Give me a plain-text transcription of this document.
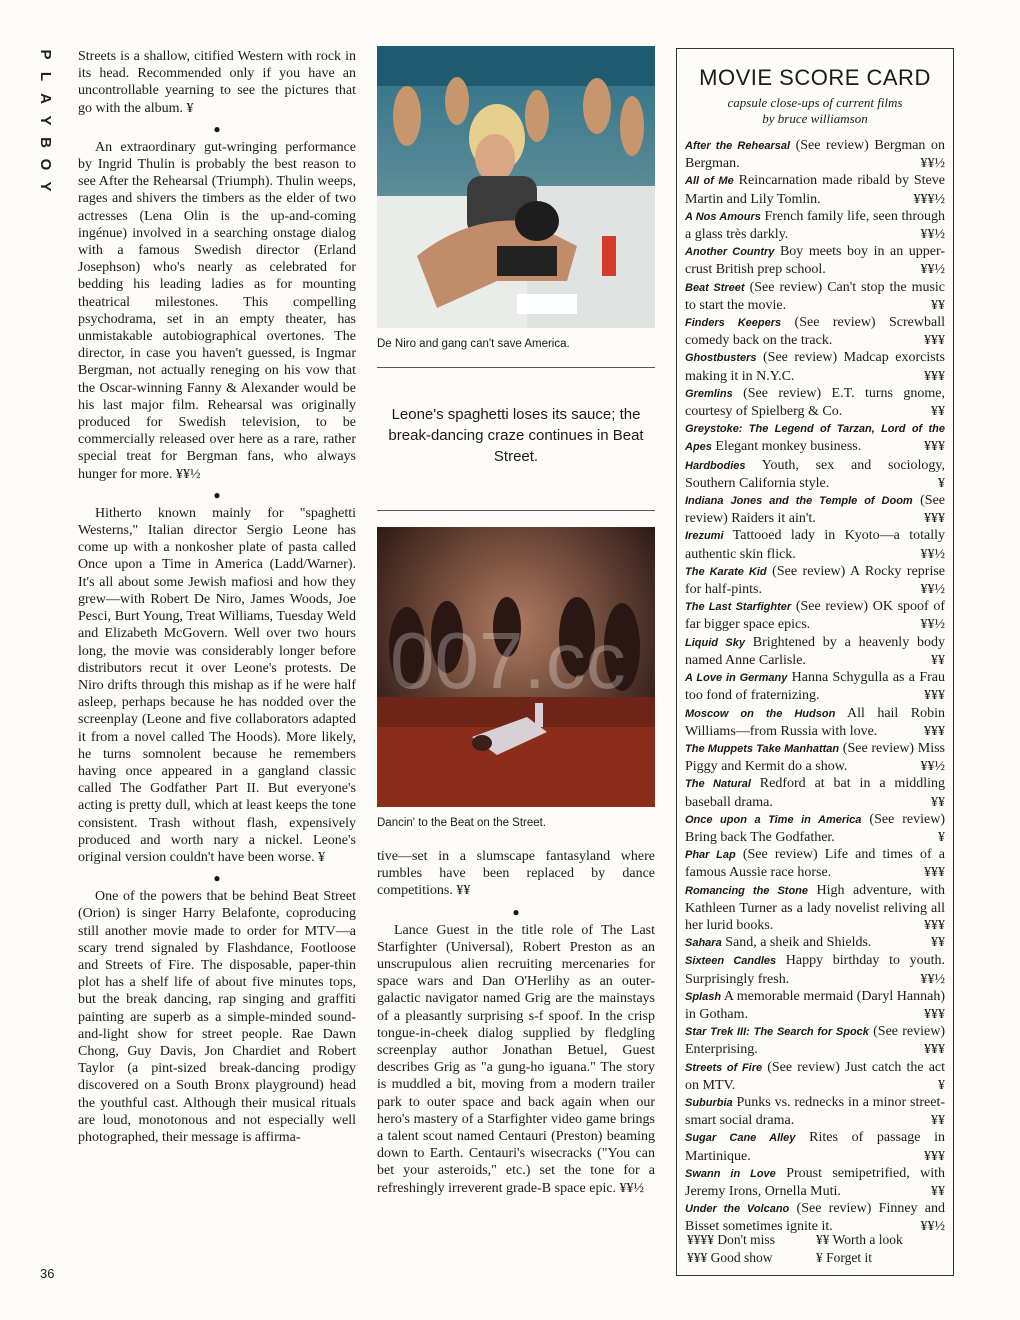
P
L
A
Y
B
O
Y
36

Streets is a shallow, citified Western with rock in its head. Recommended only if you have an uncontrollable yearning to see the pictures that go with the album. ¥

●

An extraordinary gut-wringing performance by Ingrid Thulin is probably the best reason to see After the Rehearsal (Triumph). Thulin weeps, rages and shivers the timbers as the elder of two actresses (Lena Olin is the up-and-coming ingénue) involved in a searching onstage dialog with a famous Swedish director (Erland Josephson) who's nearly as celebrated for bedding his leading ladies as for mounting theatrical milestones. This compelling psychodrama, set in an empty theater, has unmistakable autobiographical overtones. The director, in case you haven't guessed, is Ingmar Bergman, not actually reneging on his vow that the Oscar-winning Fanny & Alexander would be his last major film. Rehearsal was originally produced for Swedish television, to be commercially released over here as a rare, rather special treat for Bergman fans, who always hunger for more. ¥¥½

●

Hitherto known mainly for "spaghetti Westerns," Italian director Sergio Leone has come up with a nonkosher plate of pasta called Once upon a Time in America (Ladd/Warner). It's all about some Jewish mafiosi and how they grew—with Robert De Niro, James Woods, Joe Pesci, Burt Young, Treat Williams, Tuesday Weld and Elizabeth McGovern. Well over two hours long, the movie was considerably longer before distributors recut it over Leone's protests. De Niro drifts through this mishap as if he were half asleep, perhaps because he has nodded over the screenplay (Leone and five collaborators adapted it from a novel called The Hoods). More likely, he turns somnolent because he remembers having once appeared in a gangland classic called The Godfather Part II. But everyone's acting is pretty dull, which at least keeps the tone consistent. Trash without flash, expensively produced and worth nary a nickel. Leone's original version couldn't have been worse. ¥

●

One of the powers that be behind Beat Street (Orion) is singer Harry Belafonte, coproducing still another movie made to order for MTV—a scary trend signaled by Flashdance, Footloose and Streets of Fire. The disposable, paper-thin plot has a shelf life of about five minutes tops, but the break dancing, rap singing and graffiti painting are superb as a simple-minded sound-and-light show for street people. Rae Dawn Chong, Guy Davis, Jon Chardiet and Robert Taylor (a pint-sized break-dancing prodigy discovered on a South Bronx playground) head the youthful cast. Although their musical rituals are loud, monotonous and not especially well photographed, their message is affirma-

De Niro and gang can't save America.
Leone's spaghetti loses its sauce; the break-dancing craze continues in Beat Street.
Dancin' to the Beat on the Street.

tive—set in a slumscape fantasyland where rumbles have been replaced by dance competitions. ¥¥

●

Lance Guest in the title role of The Last Starfighter (Universal), Robert Preston as an unscrupulous alien recruiting mercenaries for space wars and Dan O'Herlihy as an outer-galactic navigator named Grig are the mainstays of a pleasantly surprising s-f spoof. In the crisp tongue-in-cheek dialog supplied by fledgling screenplay author Jonathan Betuel, Guest describes Grig as "a gung-ho iguana." The story is muddled a bit, moving from a modern trailer park to outer space and back again when our hero's mastery of a Starfighter video game brings a talent scout named Centauri (Preston) beaming down to Earth. Centauri's wisecracks ("You can bet your asteroids," etc.) set the tone for a refreshingly irreverent grade-B space epic. ¥¥½

MOVIE SCORE CARD
capsule close-ups of current films
by bruce williamson

After the Rehearsal (See review) Bergman on Bergman.	¥¥½

All of Me Reincarnation made ribald by Steve Martin and Lily Tomlin.	¥¥¥½

A Nos Amours French family life, seen through a glass très darkly.	¥¥½

Another Country Boy meets boy in an upper-crust British prep school.	¥¥½

Beat Street (See review) Can't stop the music to start the movie.	¥¥

Finders Keepers (See review) Screwball comedy back on the track.	¥¥¥

Ghostbusters (See review) Madcap exorcists making it in N.Y.C.	¥¥¥

Gremlins (See review) E.T. turns gnome, courtesy of Spielberg & Co.	¥¥

Greystoke: The Legend of Tarzan, Lord of the Apes Elegant monkey business.	¥¥¥

Hardbodies Youth, sex and sociology, Southern California style.	¥

Indiana Jones and the Temple of Doom (See review) Raiders it ain't.	¥¥¥

Irezumi Tattooed lady in Kyoto—a totally authentic skin flick.	¥¥½

The Karate Kid (See review) A Rocky reprise for half-pints.	¥¥½

The Last Starfighter (See review) OK spoof of far bigger space epics.	¥¥½

Liquid Sky Brightened by a heavenly body named Anne Carlisle.	¥¥

A Love in Germany Hanna Schygulla as a Frau too fond of fraternizing.	¥¥¥

Moscow on the Hudson All hail Robin Williams—from Russia with love.	¥¥¥

The Muppets Take Manhattan (See review) Miss Piggy and Kermit do a show.	¥¥½

The Natural Redford at bat in a middling baseball drama.	¥¥

Once upon a Time in America (See review) Bring back The Godfather.	¥

Phar Lap (See review) Life and times of a famous Aussie race horse.	¥¥¥

Romancing the Stone High adventure, with Kathleen Turner as a lady novelist reliving all her lurid books.	¥¥¥

Sahara Sand, a sheik and Shields.	¥¥

Sixteen Candles Happy birthday to youth. Surprisingly fresh.	¥¥½

Splash A memorable mermaid (Daryl Hannah) in Gotham.	¥¥¥

Star Trek III: The Search for Spock (See review) Enterprising.	¥¥¥

Streets of Fire (See review) Just catch the act on MTV.	¥

Suburbia Punks vs. rednecks in a minor street-smart social drama.	¥¥

Sugar Cane Alley Rites of passage in Martinique.	¥¥¥

Swann in Love Proust semipetrified, with Jeremy Irons, Ornella Muti.	¥¥

Under the Volcano (See review) Finney and Bisset sometimes ignite it.	¥¥½

¥¥¥¥ Don't miss	¥¥ Worth a look
¥¥¥ Good show	¥ Forget it
007.cc
